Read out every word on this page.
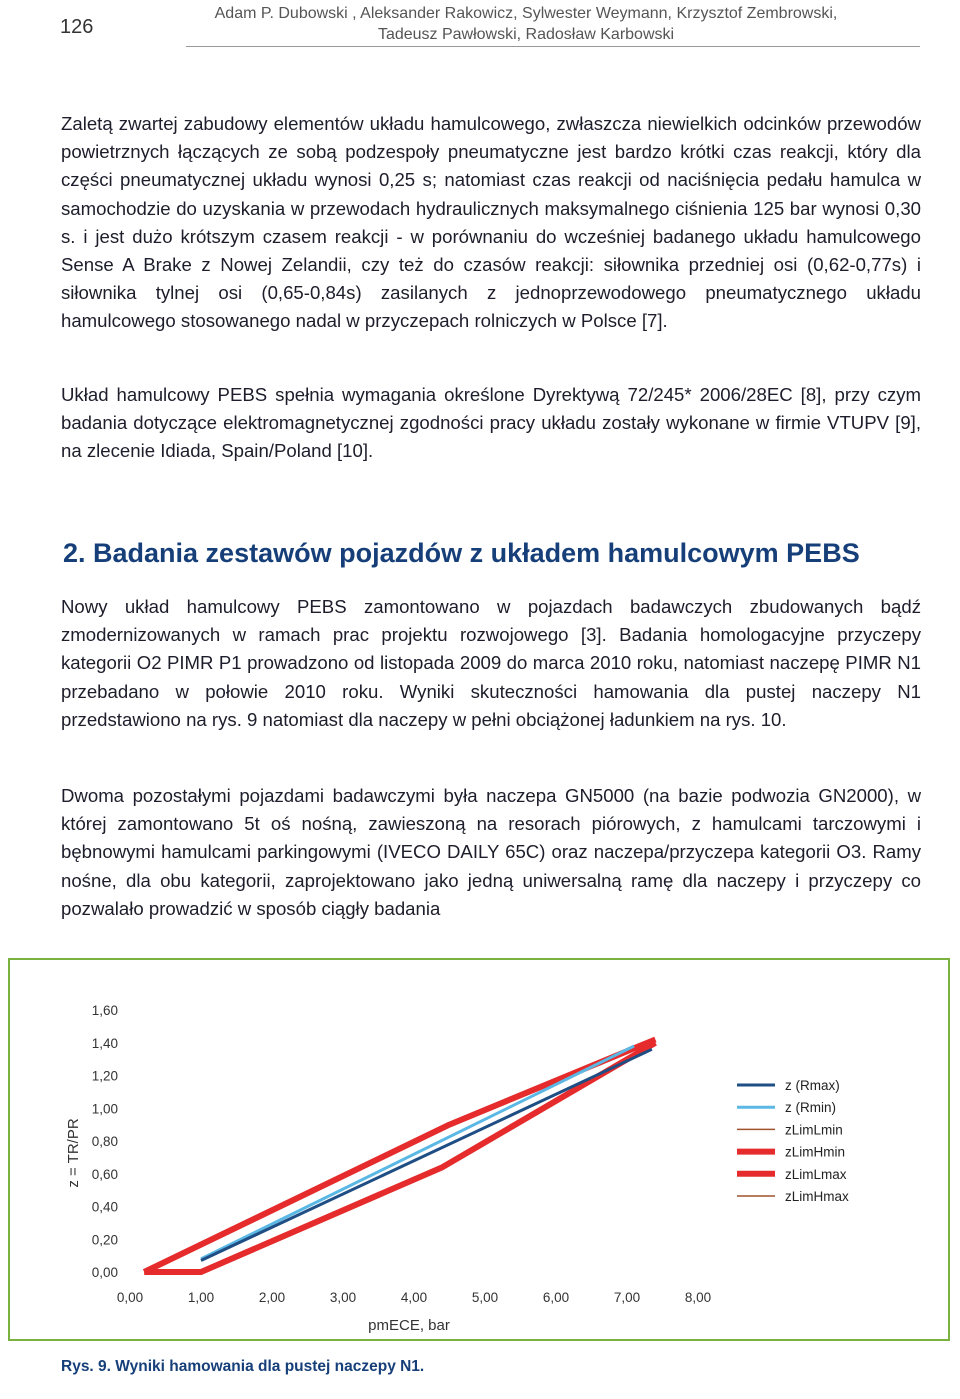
126
Adam P. Dubowski , Aleksander Rakowicz, Sylwester Weymann, Krzysztof Zembrowski,
Tadeusz Pawłowski, Radosław Karbowski

Zaletą zwartej zabudowy elementów układu hamulcowego, zwłaszcza niewielkich odcinków przewodów powietrznych łączących ze sobą podzespoły pneumatyczne jest bardzo krótki czas reakcji, który dla części pneumatycznej układu wynosi 0,25 s; natomiast czas reakcji od naciśnięcia pedału hamulca w samochodzie do uzyskania w przewodach hydraulicznych maksymalnego ciśnienia 125 bar wynosi 0,30 s. i jest dużo krótszym czasem reakcji - w porównaniu do wcześniej badanego układu hamulcowego Sense A Brake z Nowej Zelandii, czy też do czasów reakcji: siłownika przedniej osi (0,62-0,77s) i siłownika tylnej osi (0,65-0,84s) zasilanych z jednoprzewodowego pneumatycznego układu hamulcowego stosowanego nadal w przyczepach rolniczych w Polsce [7].

Układ hamulcowy PEBS spełnia wymagania określone Dyrektywą 72/245* 2006/28EC [8], przy czym badania dotyczące elektromagnetycznej zgodności pracy układu zostały wykonane w firmie VTUPV [9], na zlecenie Idiada, Spain/Poland [10].

2. Badania zestawów pojazdów z układem hamulcowym PEBS

Nowy układ hamulcowy PEBS zamontowano w pojazdach badawczych zbudowanych bądź zmodernizowanych w ramach prac projektu rozwojowego [3]. Badania homologacyjne przyczepy kategorii O2 PIMR P1 prowadzono od listopada 2009 do marca 2010 roku, natomiast naczepę PIMR N1 przebadano w połowie 2010 roku. Wyniki skuteczności hamowania dla pustej naczepy N1 przedstawiono na rys. 9 natomiast dla naczepy w pełni obciążonej ładunkiem na rys. 10.

Dwoma pozostałymi pojazdami badawczymi była naczepa GN5000 (na bazie podwozia GN2000), w której zamontowano 5t oś nośną, zawieszoną na resorach piórowych, z hamulcami tarczowymi i bębnowymi hamulcami parkingowymi (IVECO DAILY 65C) oraz naczepa/przyczepa kategorii O3. Ramy nośne, dla obu kategorii, zaprojektowano jako jedną uniwersalną ramę dla naczepy i przyczepy co pozwalało prowadzić w sposób ciągły badania

0,00
0,20
0,40
0,60
0,80
1,00
1,20
1,40
1,60
0,00	1,00	2,00	3,00	4,00	5,00	6,00	7,00	8,00
pmECE, bar
z = TR/PR
z (Rmax)
z (Rmin)
zLimLmin
zLimHmin
zLimLmax
zLimHmax

Rys. 9. Wyniki hamowania dla pustej naczepy N1.
